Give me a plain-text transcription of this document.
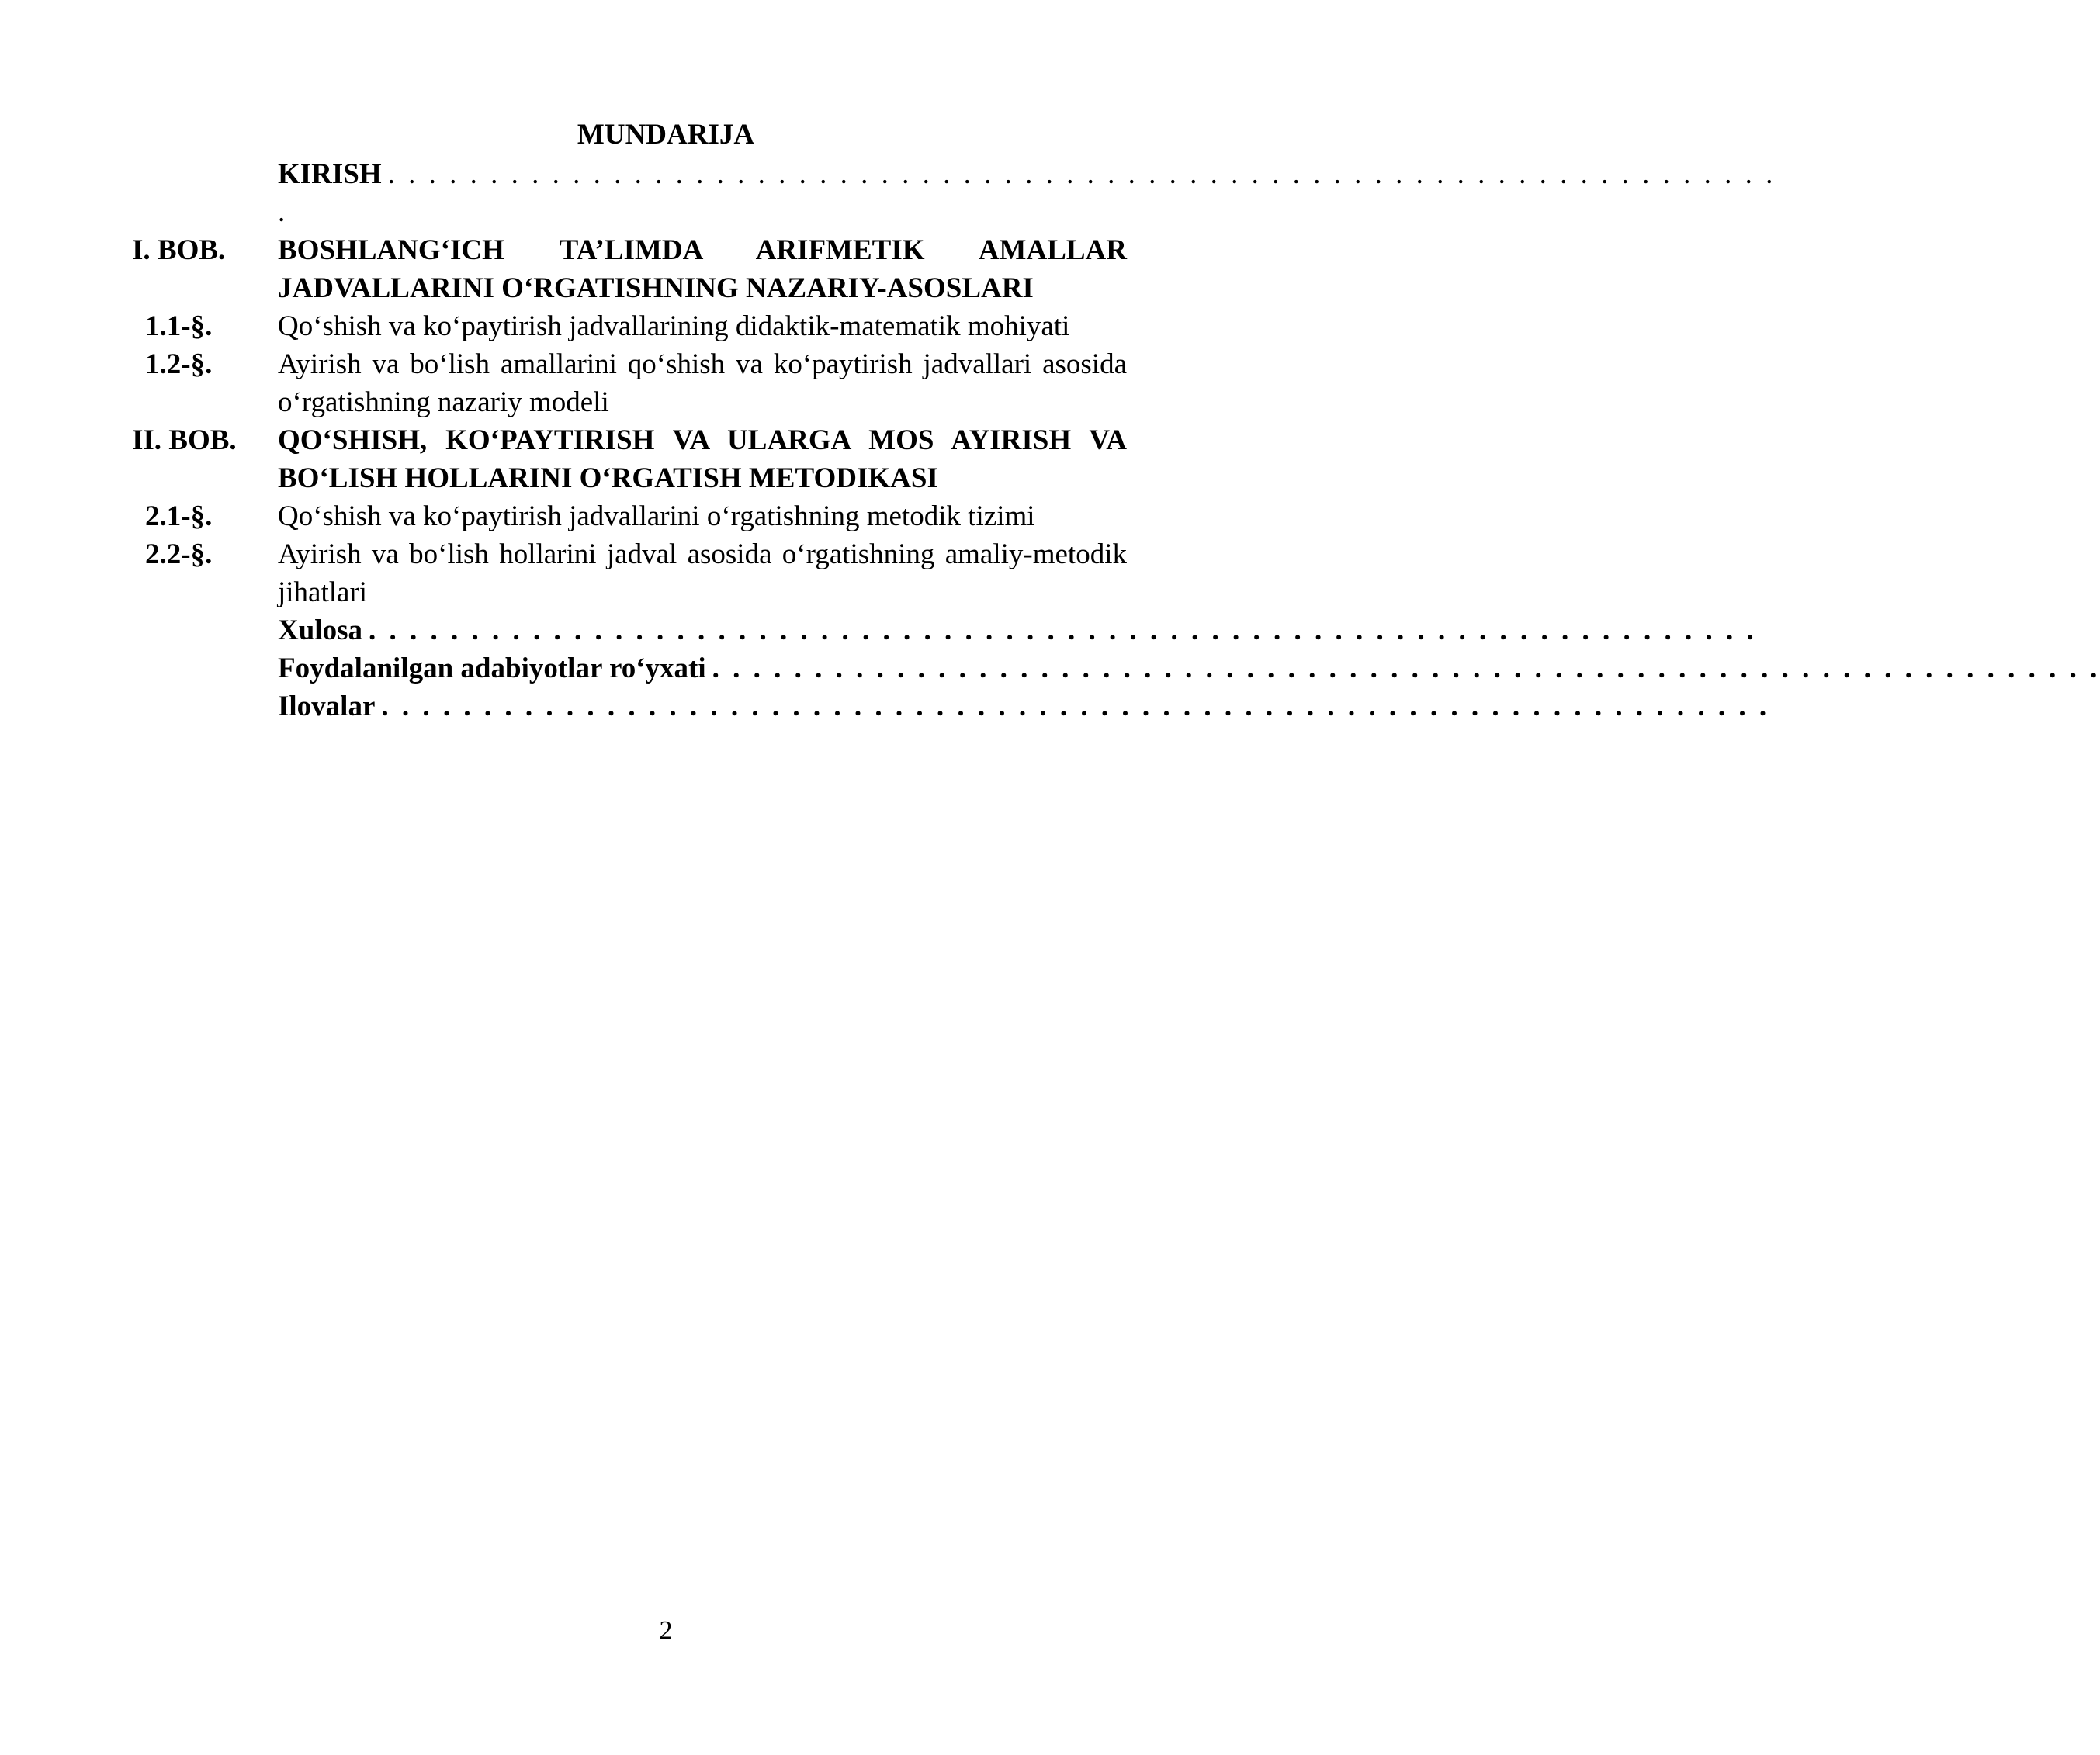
MUNDARIJA
KIRISH . . . . . . . . . . . . . . . . . . . . . . . . . . . . . . . . . . . . . . . . . . . . . . . . . . . . . . . . . . . . . . . . . . . .
.
I. BOB.	BOSHLANG‘ICH TA’LIMDA ARIFMETIK AMALLAR JADVALLARINI O‘RGATISHNING NAZARIY-ASOSLARI
1.1-§.	Qo‘shish va ko‘paytirish jadvallarining didaktik-matematik mohiyati
1.2-§.	Ayirish va bo‘lish amallarini qo‘shish va ko‘paytirish jadvallari asosida o‘rgatishning nazariy modeli
II. BOB.	QO‘SHISH, KO‘PAYTIRISH VA ULARGA MOS AYIRISH VA BO‘LISH HOLLARINI O‘RGATISH METODIKASI
2.1-§.	Qo‘shish va ko‘paytirish jadvallarini o‘rgatishning metodik tizimi
2.2-§.	Ayirish va bo‘lish hollarini jadval asosida o‘rgatishning amaliy-metodik jihatlari
Xulosa . . . . . . . . . . . . . . . . . . . . . . . . . . . . . . . . . . . . . . . . . . . . . . . . . . . . . . . . . . . . . . . . . . . .
Foydalanilgan adabiyotlar ro‘yxati . . . . . . . . . . . . . . . . . . . . . . . . . . . . . . . . . . . . . . . . . . . . . . . . . . . . . . . . . . . . . . . . . . . .
Ilovalar . . . . . . . . . . . . . . . . . . . . . . . . . . . . . . . . . . . . . . . . . . . . . . . . . . . . . . . . . . . . . . . . . . . .
2
